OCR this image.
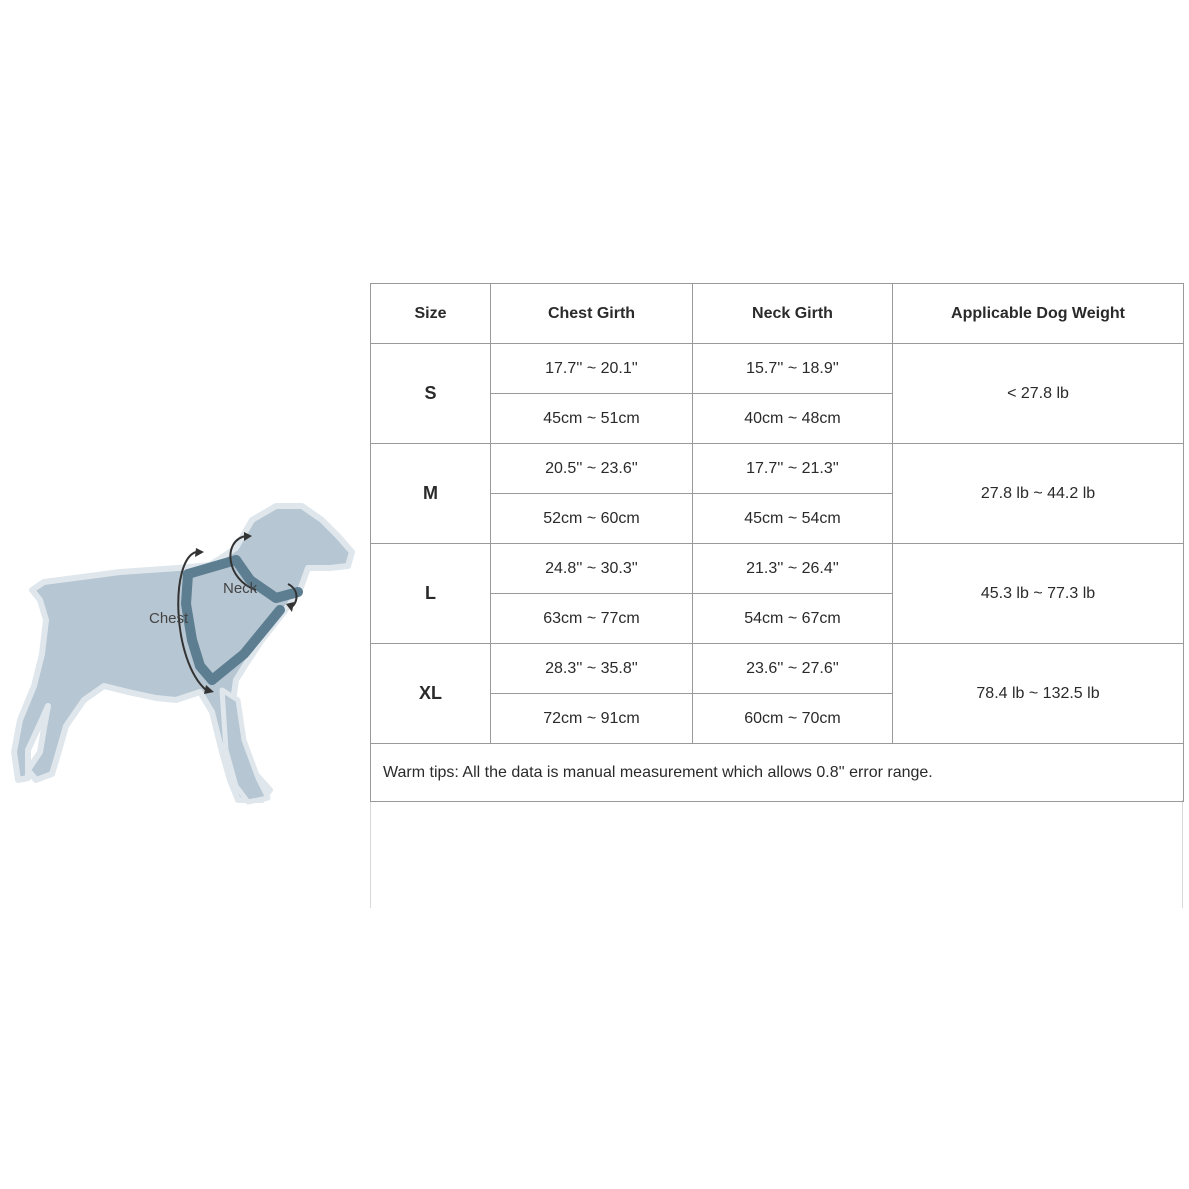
Chest
Neck
Size	Chest Girth	Neck Girth	Applicable Dog Weight
S	17.7'' ~ 20.1''	15.7'' ~ 18.9''	< 27.8 lb
	45cm ~ 51cm	40cm ~ 48cm	
M	20.5'' ~ 23.6''	17.7'' ~ 21.3''	27.8 lb ~ 44.2 lb
	52cm ~ 60cm	45cm ~ 54cm	
L	24.8'' ~ 30.3''	21.3'' ~ 26.4''	45.3 lb ~ 77.3 lb
	63cm ~ 77cm	54cm ~ 67cm	
XL	28.3'' ~ 35.8''	23.6'' ~ 27.6''	78.4 lb ~ 132.5 lb
	72cm ~ 91cm	60cm ~ 70cm	
Warm tips: All the data is manual measurement which allows 0.8'' error range.			
